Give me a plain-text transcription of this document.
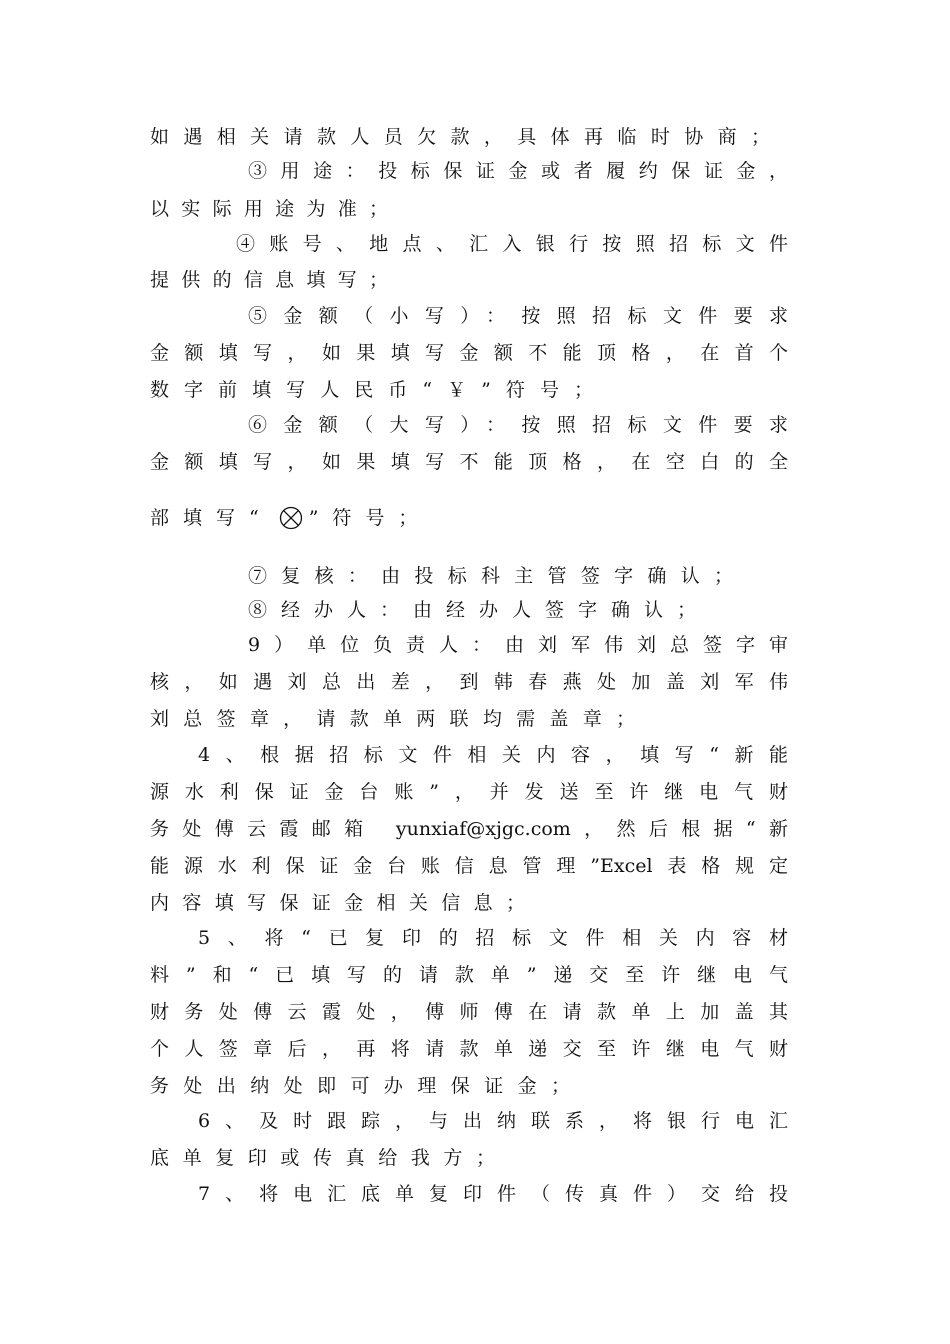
如遇相关请款人员欠款，具体再临时协商；
③用途：投标保证金或者履约保证金，
以实际用途为准；
④账号、地点、汇入银行按照招标文件
提供的信息填写；
⑤金额（小写）：按照招标文件要求
金额填写，如果填写金额不能顶格，在首个
数字前填写人民币“￥”符号；
⑥金额（大写）：按照招标文件要求
金额填写，如果填写不能顶格，在空白的全
部填写“ ”符号；
⑦复核：由投标科主管签字确认；
⑧经办人：由经办人签字确认；
9）单位负责人：由刘军伟刘总签字审
核，如遇刘总出差，到韩春燕处加盖刘军伟
刘总签章，请款单两联均需盖章；
4、根据招标文件相关内容，填写“新能
源水利保证金台账”，并发送至许继电气财
务处傅云霞邮箱 yunxiaf@xjgc.com，然后根据“新
能源水利保证金台账信息管理”Excel表格规定
内容填写保证金相关信息；
5、将“已复印的招标文件相关内容材
料”和“已填写的请款单”递交至许继电气
财务处傅云霞处，傅师傅在请款单上加盖其
个人签章后，再将请款单递交至许继电气财
务处出纳处即可办理保证金；
6、及时跟踪，与出纳联系，将银行电汇
底单复印或传真给我方；
7、将电汇底单复印件（传真件）交给投
